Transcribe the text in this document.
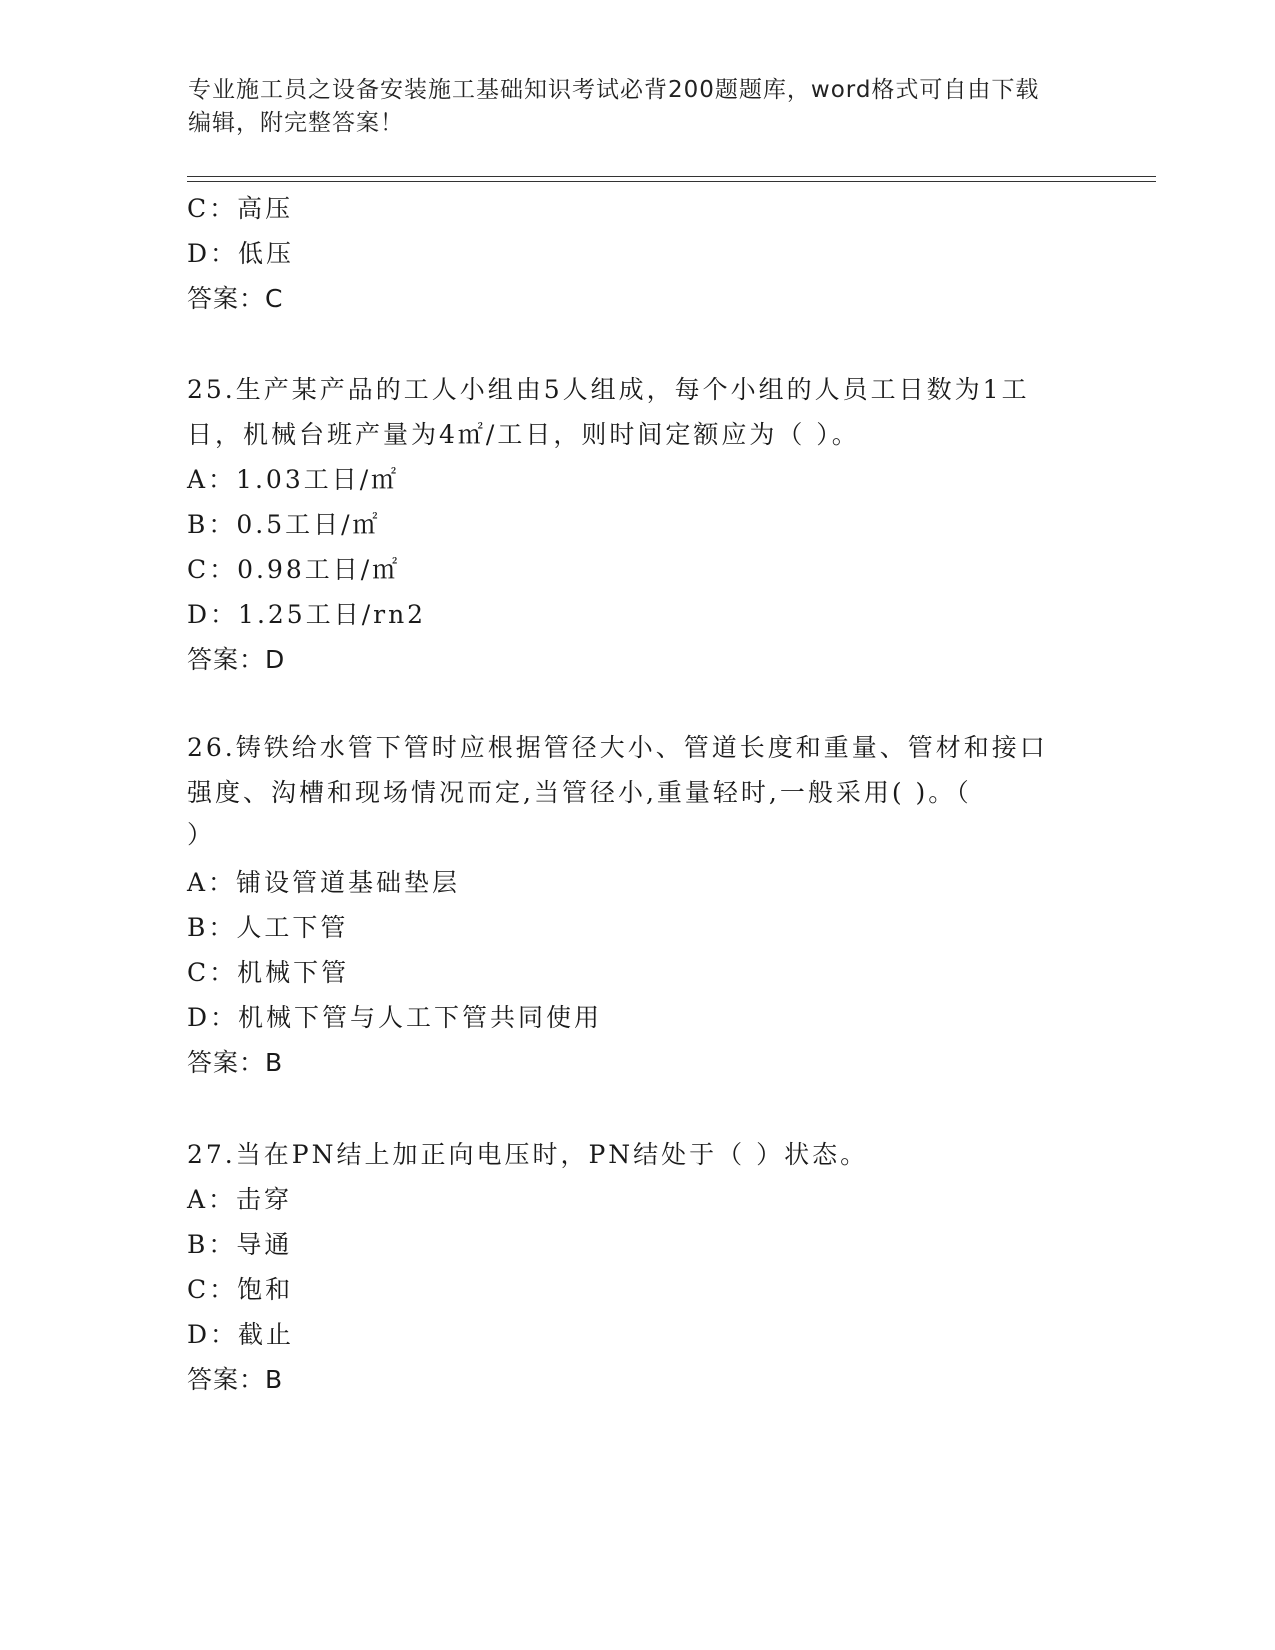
专业施工员之设备安装施工基础知识考试必背200题题库，word格式可自由下载
编辑，附完整答案！
C：高压
D：低压
答案：C
25.生产某产品的工人小组由5人组成，每个小组的人员工日数为1工
日，机械台班产量为4㎡/工日，则时间定额应为（ ）。
A：1.03工日/㎡
B：0.5工日/㎡
C：0.98工日/㎡
D：1.25工日/rn2
答案：D
26.铸铁给水管下管时应根据管径大小、管道长度和重量、管材和接口
强度、沟槽和现场情况而定,当管径小,重量轻时,一般采用( )。（
）
A：铺设管道基础垫层
B：人工下管
C：机械下管
D：机械下管与人工下管共同使用
答案：B
27.当在PN结上加正向电压时，PN结处于（ ）状态。
A：击穿
B：导通
C：饱和
D：截止
答案：B
